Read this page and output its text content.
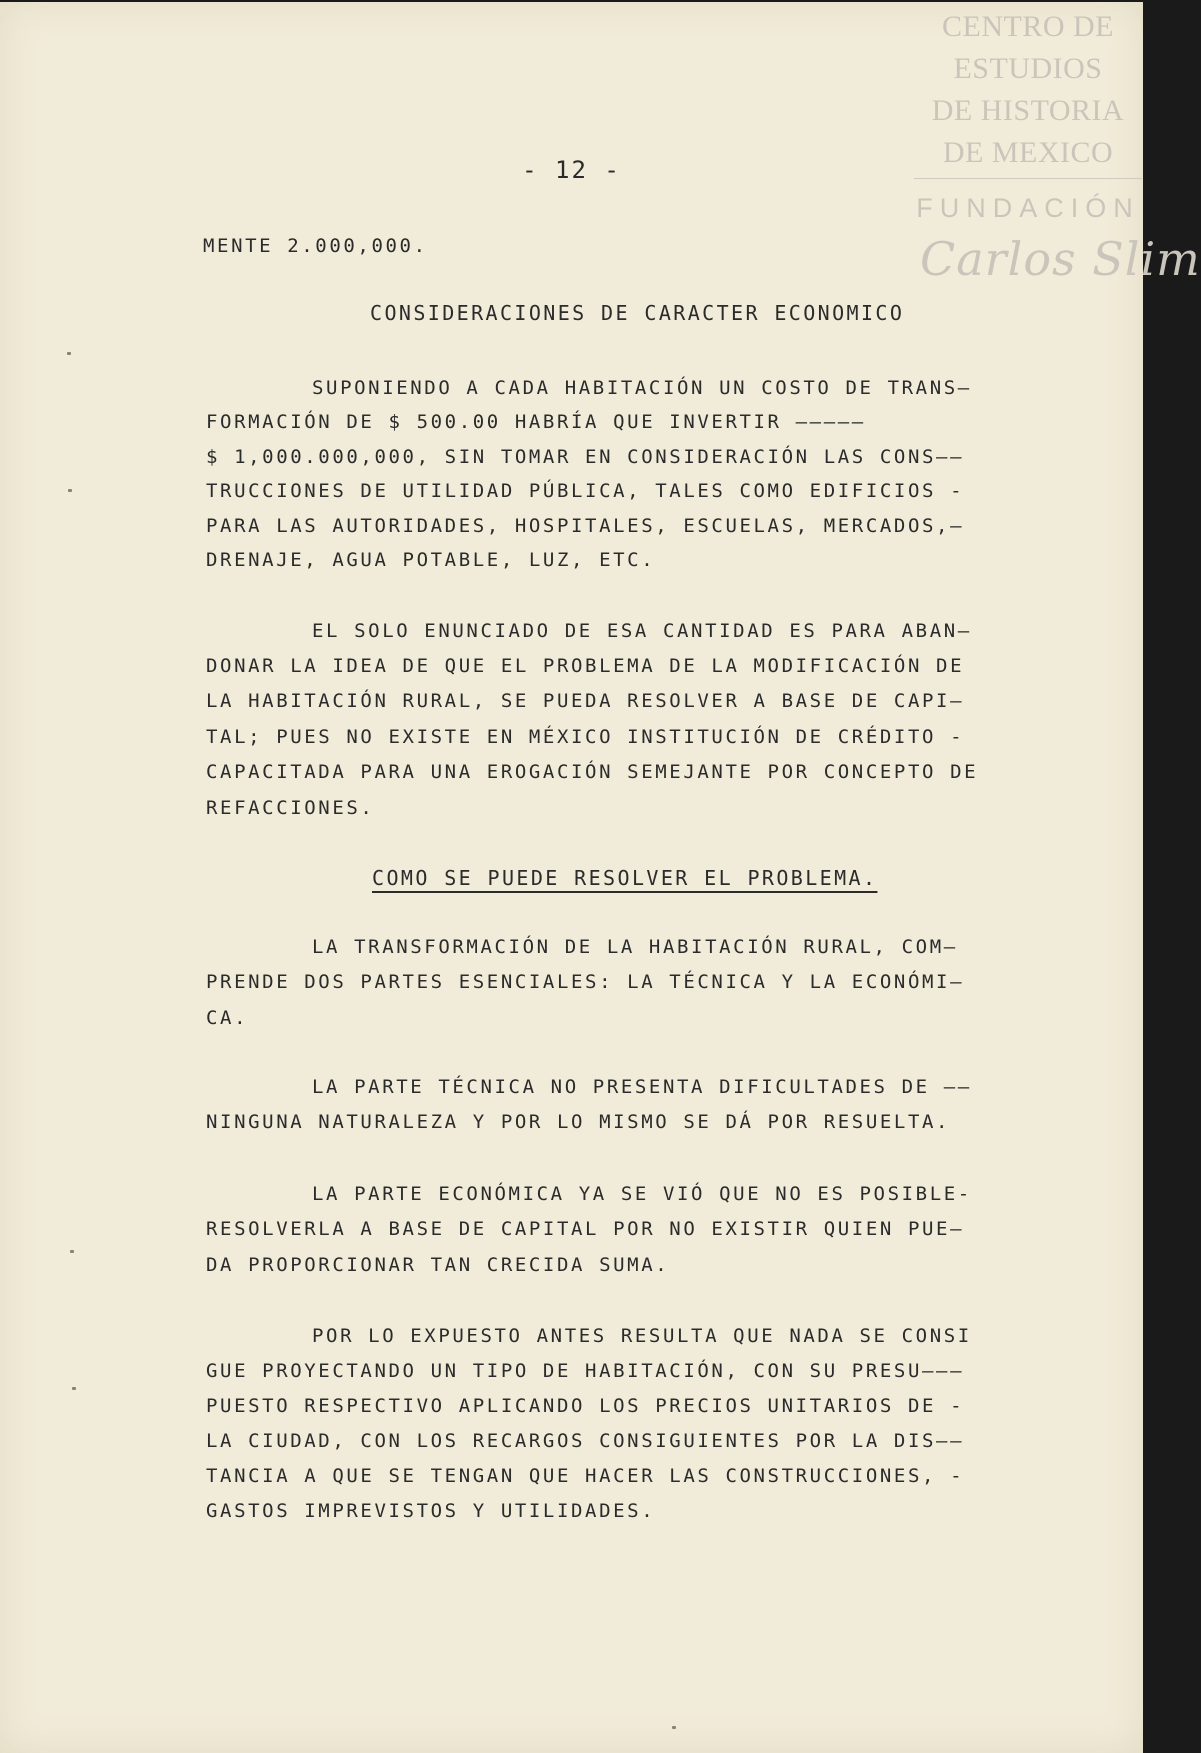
CENTRO DE
ESTUDIOS
DE HISTORIA
DE MEXICO
FUNDACIÓN
Carlos Slim
- 12 -
MENTE 2.000,000.
CONSIDERACIONES DE CARACTER ECONOMICO
SUPONIENDO A CADA HABITACIÓN UN COSTO DE TRANS—
FORMACIÓN DE $ 500.00 HABRÍA QUE INVERTIR —————
$ 1,000.000,000, SIN TOMAR EN CONSIDERACIÓN LAS CONS——
TRUCCIONES DE UTILIDAD PÚBLICA, TALES COMO EDIFICIOS -
PARA LAS AUTORIDADES, HOSPITALES, ESCUELAS, MERCADOS,—
DRENAJE, AGUA POTABLE, LUZ, ETC.
EL SOLO ENUNCIADO DE ESA CANTIDAD ES PARA ABAN—
DONAR LA IDEA DE QUE EL PROBLEMA DE LA MODIFICACIÓN DE
LA HABITACIÓN RURAL, SE PUEDA RESOLVER A BASE DE CAPI—
TAL; PUES NO EXISTE EN MÉXICO INSTITUCIÓN DE CRÉDITO -
CAPACITADA PARA UNA EROGACIÓN SEMEJANTE POR CONCEPTO DE
REFACCIONES.
COMO SE PUEDE RESOLVER EL PROBLEMA.
LA TRANSFORMACIÓN DE LA HABITACIÓN RURAL, COM—
PRENDE DOS PARTES ESENCIALES: LA TÉCNICA Y LA ECONÓMI—
CA.
LA PARTE TÉCNICA NO PRESENTA DIFICULTADES DE ——
NINGUNA NATURALEZA Y POR LO MISMO SE DÁ POR RESUELTA.
LA PARTE ECONÓMICA YA SE VIÓ QUE NO ES POSIBLE-
RESOLVERLA A BASE DE CAPITAL POR NO EXISTIR QUIEN PUE—
DA PROPORCIONAR TAN CRECIDA SUMA.
POR LO EXPUESTO ANTES RESULTA QUE NADA SE CONSI
GUE PROYECTANDO UN TIPO DE HABITACIÓN, CON SU PRESU———
PUESTO RESPECTIVO APLICANDO LOS PRECIOS UNITARIOS DE -
LA CIUDAD, CON LOS RECARGOS CONSIGUIENTES POR LA DIS——
TANCIA A QUE SE TENGAN QUE HACER LAS CONSTRUCCIONES, -
GASTOS IMPREVISTOS Y UTILIDADES.
